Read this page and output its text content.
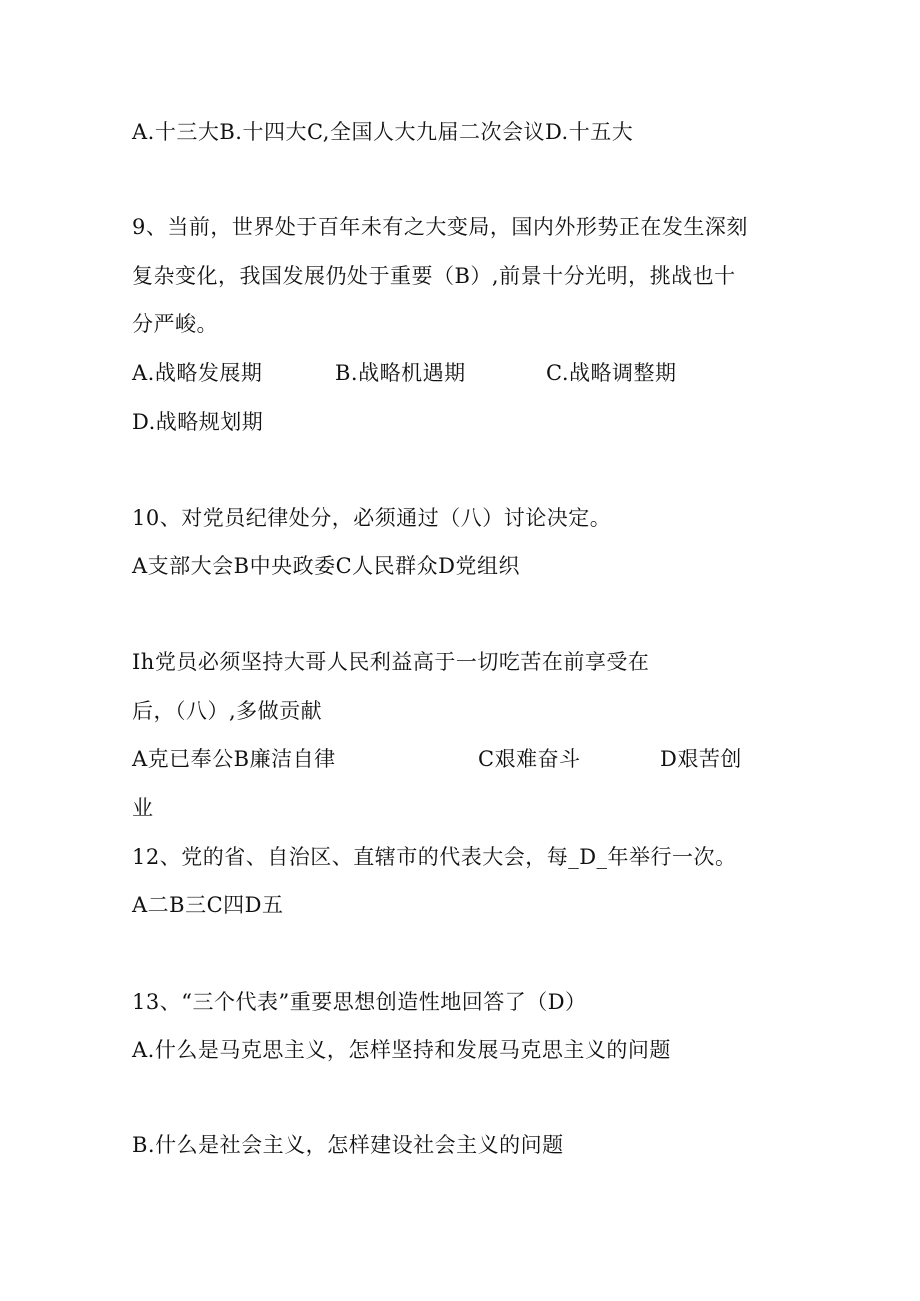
A.十三大B.十四大C,全国人大九届二次会议D.十五大
9、当前，世界处于百年未有之大变局，国内外形势正在发生深刻
复杂变化，我国发展仍处于重要（B）,前景十分光明，挑战也十
分严峻。
A.战略发展期	B.战略机遇期	C.战略调整期
D.战略规划期
10、对党员纪律处分，必须通过（八）讨论决定。
A支部大会B中央政委C人民群众D党组织
Ih党员必须坚持大哥人民利益高于一切吃苦在前享受在
后，（八）,多做贡献
A克已奉公B廉洁自律	C艰难奋斗	D艰苦创
业
12、党的省、自治区、直辖市的代表大会，每_D_年举行一次。
A二B三C四D五
13、“三个代表”重要思想创造性地回答了（D）
A.什么是马克思主义，怎样坚持和发展马克思主义的问题
B.什么是社会主义，怎样建设社会主义的问题
